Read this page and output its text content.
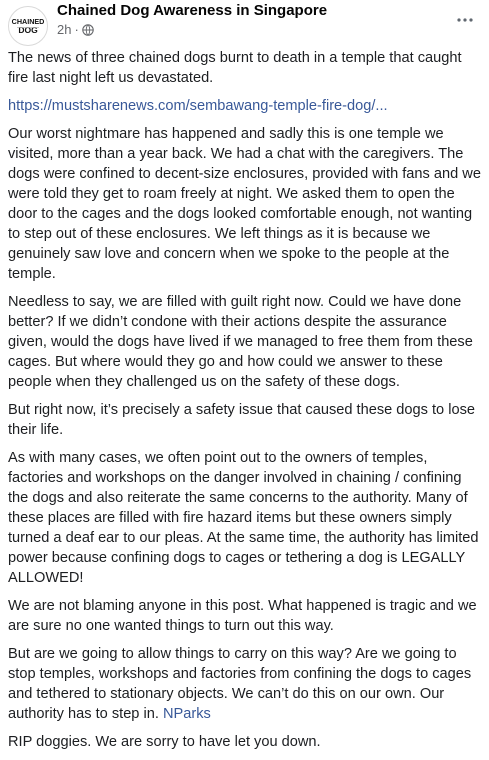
CHAINED
DOG
Chained Dog Awareness in Singapore
2h ·

The news of three chained dogs burnt to death in a temple that caught fire last night left us devastated.

https://mustsharenews.com/sembawang-temple-fire-dog/...

Our worst nightmare has happened and sadly this is one temple we visited, more than a year back. We had a chat with the caregivers. The dogs were confined to decent-size enclosures, provided with fans and we were told they get to roam freely at night. We asked them to open the door to the cages and the dogs looked comfortable enough, not wanting to step out of these enclosures. We left things as it is because we genuinely saw love and concern when we spoke to the people at the temple.

Needless to say, we are filled with guilt right now. Could we have done better? If we didn’t condone with their actions despite the assurance given, would the dogs have lived if we managed to free them from these cages. But where would they go and how could we answer to these people when they challenged us on the safety of these dogs.

But right now, it’s precisely a safety issue that caused these dogs to lose their life.

As with many cases, we often point out to the owners of temples, factories and workshops on the danger involved in chaining / confining the dogs and also reiterate the same concerns to the authority. Many of these places are filled with fire hazard items but these owners simply turned a deaf ear to our pleas. At the same time, the authority has limited power because confining dogs to cages or tethering a dog is LEGALLY ALLOWED!

We are not blaming anyone in this post. What happened is tragic and we are sure no one wanted things to turn out this way.

But are we going to allow things to carry on this way? Are we going to stop temples, workshops and factories from confining the dogs to cages and tethered to stationary objects. We can’t do this on our own. Our authority has to step in. NParks

RIP doggies. We are sorry to have let you down.
